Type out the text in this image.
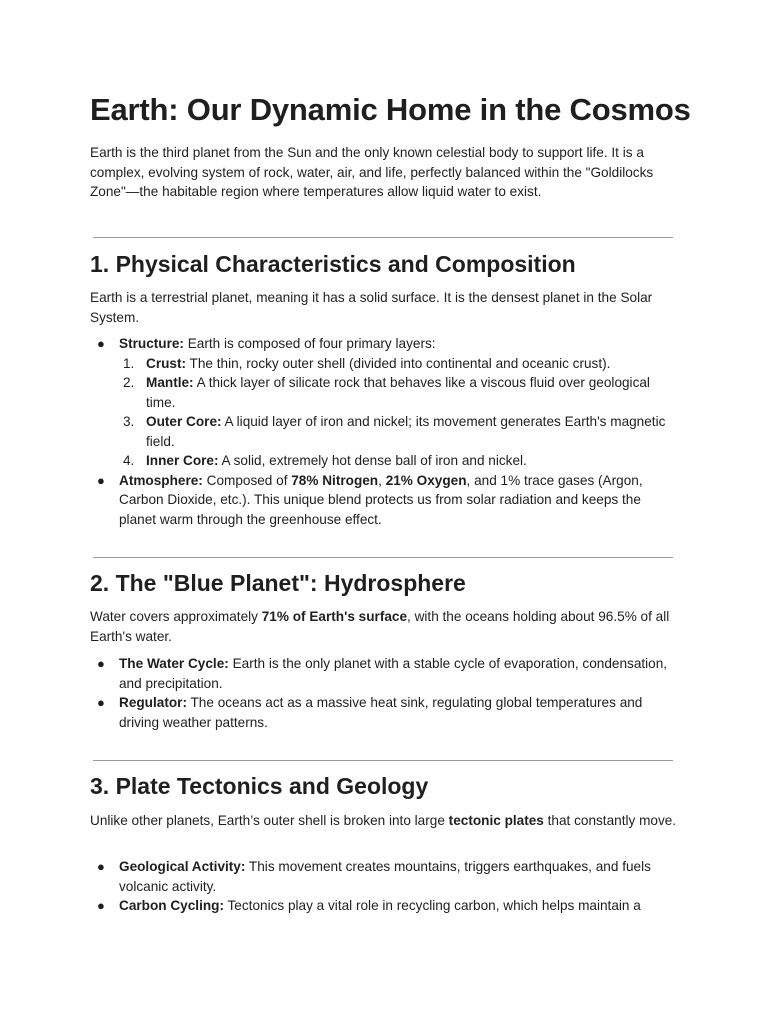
Earth: Our Dynamic Home in the Cosmos

Earth is the third planet from the Sun and the only known celestial body to support life. It is a complex, evolving system of rock, water, air, and life, perfectly balanced within the "Goldilocks Zone"—the habitable region where temperatures allow liquid water to exist.

1. Physical Characteristics and Composition

Earth is a terrestrial planet, meaning it has a solid surface. It is the densest planet in the Solar System.

● Structure: Earth is composed of four primary layers:
1. Crust: The thin, rocky outer shell (divided into continental and oceanic crust).
2. Mantle: A thick layer of silicate rock that behaves like a viscous fluid over geological time.
3. Outer Core: A liquid layer of iron and nickel; its movement generates Earth's magnetic field.
4. Inner Core: A solid, extremely hot dense ball of iron and nickel.
● Atmosphere: Composed of 78% Nitrogen, 21% Oxygen, and 1% trace gases (Argon, Carbon Dioxide, etc.). This unique blend protects us from solar radiation and keeps the planet warm through the greenhouse effect.
2. The "Blue Planet": Hydrosphere

Water covers approximately 71% of Earth's surface, with the oceans holding about 96.5% of all Earth's water.

● The Water Cycle: Earth is the only planet with a stable cycle of evaporation, condensation, and precipitation.
● Regulator: The oceans act as a massive heat sink, regulating global temperatures and driving weather patterns.
3. Plate Tectonics and Geology

Unlike other planets, Earth’s outer shell is broken into large tectonic plates that constantly move.

● Geological Activity: This movement creates mountains, triggers earthquakes, and fuels volcanic activity.
● Carbon Cycling: Tectonics play a vital role in recycling carbon, which helps maintain a
